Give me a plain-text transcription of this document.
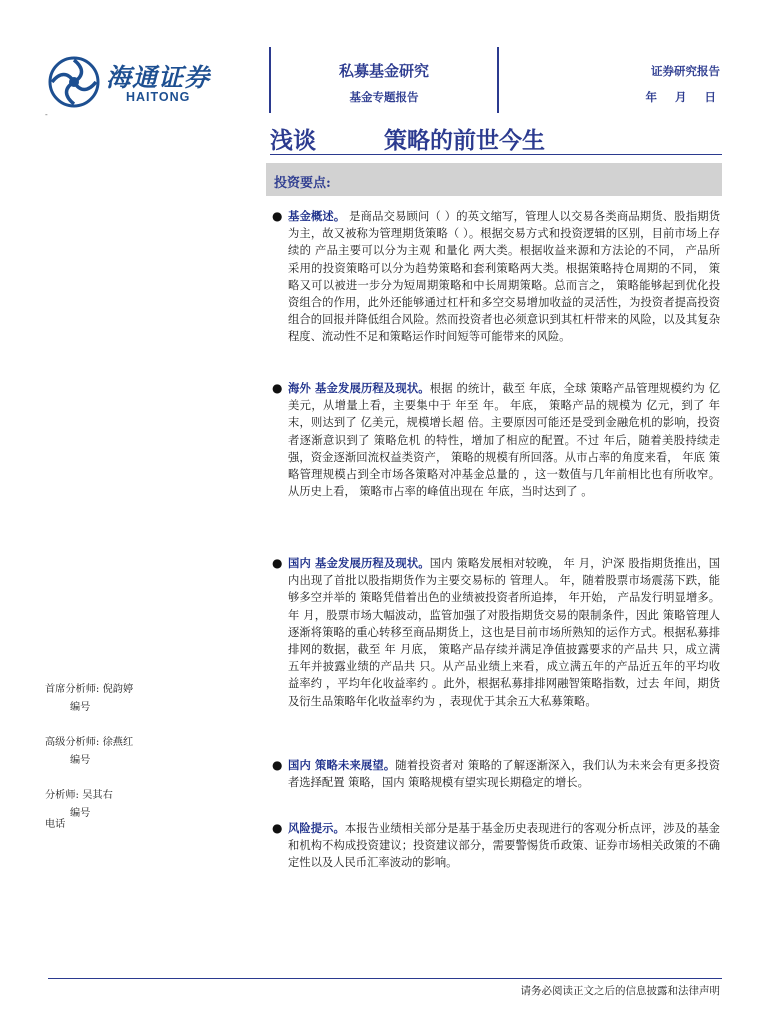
海通证券
HAITONG
-
私募基金研究
基金专题报告
证券研究报告
年 月 日
浅谈	策略的前世今生
投资要点:
● 基金概述。 是商品交易顾问（ ）的英文缩写，管理人以交易各类商品期货、股指期货为主，故又被称为管理期货策略（ ）。根据交易方式和投资逻辑的区别，目前市场上存续的 产品主要可以分为主观 和量化 两大类。根据收益来源和方法论的不同， 产品所采用的投资策略可以分为趋势策略和套利策略两大类。根据策略持仓周期的不同， 策略又可以被进一步分为短周期策略和中长周期策略。总而言之， 策略能够起到优化投资组合的作用，此外还能够通过杠杆和多空交易增加收益的灵活性，为投资者提高投资组合的回报并降低组合风险。然而投资者也必须意识到其杠杆带来的风险，以及其复杂程度、流动性不足和策略运作时间短等可能带来的风险。
● 海外 基金发展历程及现状。根据 的统计，截至 年底，全球 策略产品管理规模约为 亿美元，从增量上看，主要集中于 年至 年。 年底， 策略产品的规模为 亿元，到了 年末，则达到了 亿美元，规模增长超 倍。主要原因可能还是受到金融危机的影响，投资者逐渐意识到了 策略危机 的特性，增加了相应的配置。不过 年后，随着美股持续走强，资金逐渐回流权益类资产， 策略的规模有所回落。从市占率的角度来看， 年底 策略管理规模占到全市场各策略对冲基金总量的 ，这一数值与几年前相比也有所收窄。从历史上看， 策略市占率的峰值出现在 年底，当时达到了 。
● 国内 基金发展历程及现状。国内 策略发展相对较晚， 年 月，沪深 股指期货推出，国内出现了首批以股指期货作为主要交易标的 管理人。 年，随着股票市场震荡下跌，能够多空并举的 策略凭借着出色的业绩被投资者所追捧， 年开始， 产品发行明显增多。 年 月，股票市场大幅波动，监管加强了对股指期货交易的限制条件，因此 策略管理人逐渐将策略的重心转移至商品期货上，这也是目前市场所熟知的运作方式。根据私募排排网的数据，截至 年 月底， 策略产品存续并满足净值披露要求的产品共 只，成立满五年并披露业绩的产品共 只。从产品业绩上来看，成立满五年的产品近五年的平均收益率约 ，平均年化收益率约 。此外，根据私募排排网融智策略指数，过去 年间，期货及衍生品策略年化收益率约为 ，表现优于其余五大私募策略。
● 国内 策略未来展望。随着投资者对 策略的了解逐渐深入，我们认为未来会有更多投资者选择配置 策略，国内 策略规模有望实现长期稳定的增长。
● 风险提示。本报告业绩相关部分是基于基金历史表现进行的客观分析点评，涉及的基金和机构不构成投资建议；投资建议部分，需要警惕货币政策、证券市场相关政策的不确定性以及人民币汇率波动的影响。
首席分析师: 倪韵婷
编号
高级分析师: 徐燕红
编号
分析师: 吴其右
编号
电话
请务必阅读正文之后的信息披露和法律声明
